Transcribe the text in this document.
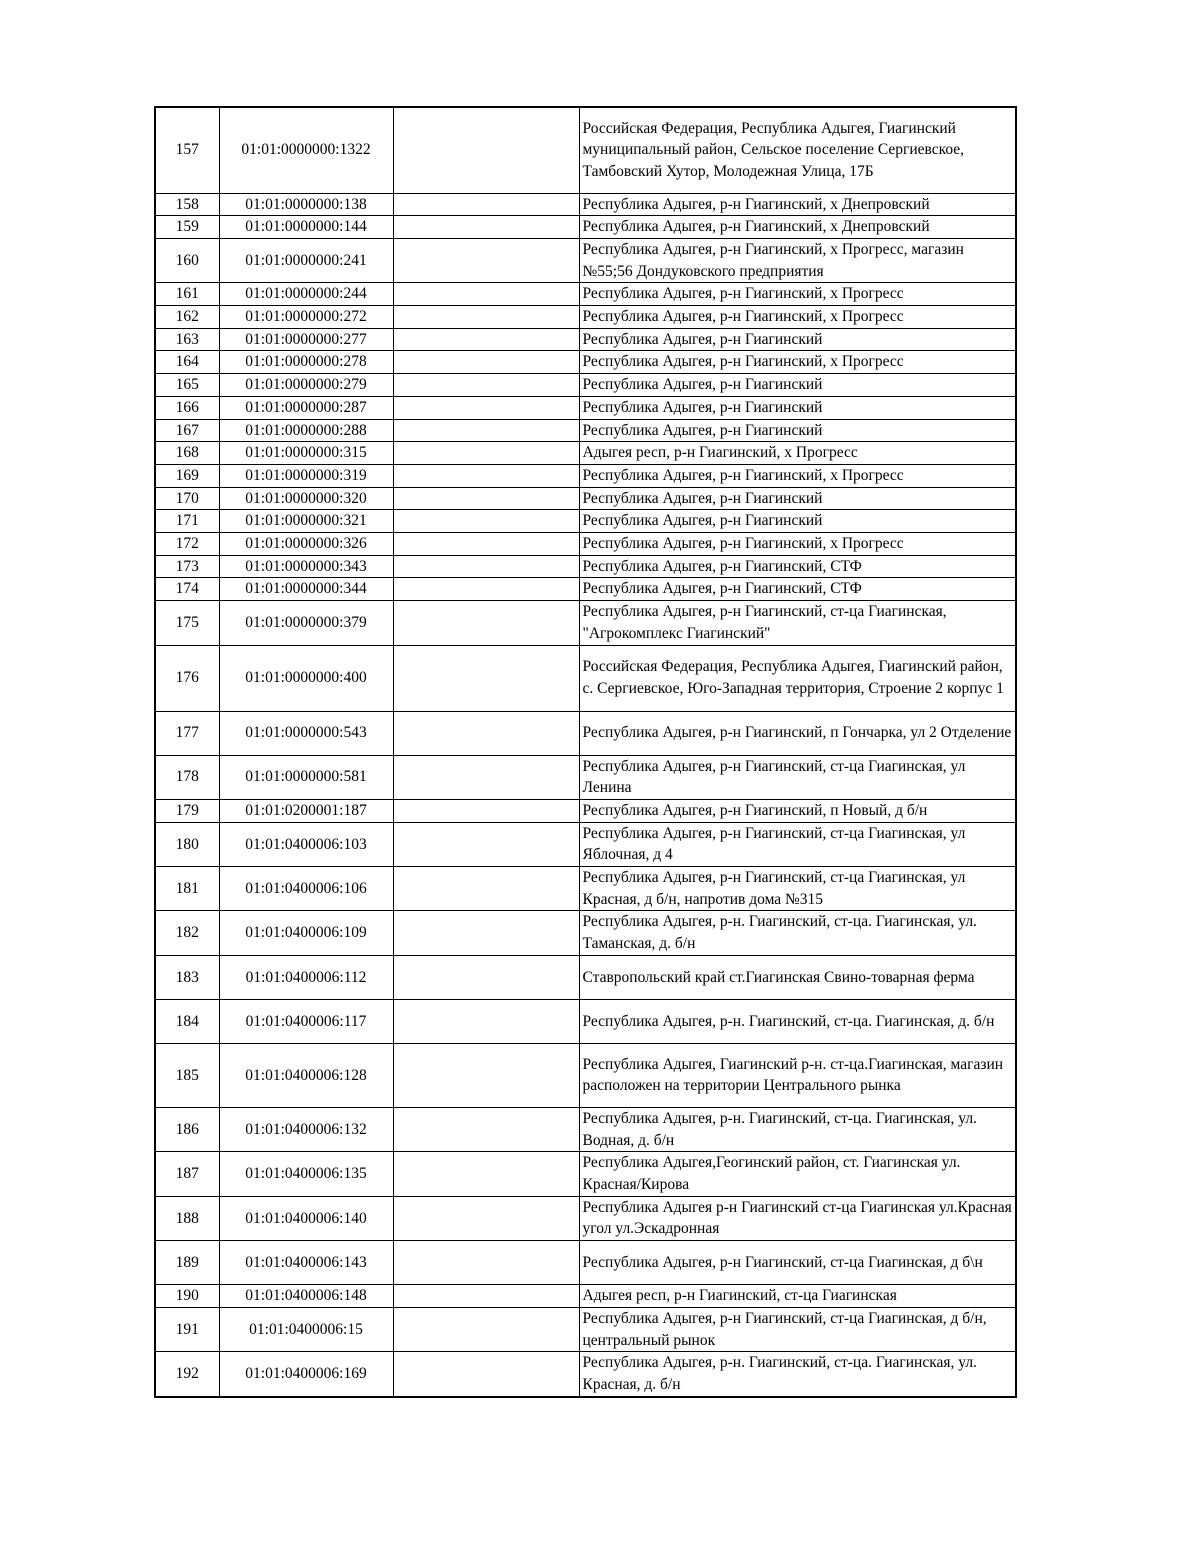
157	01:01:0000000:1322		Российская Федерация, Республика Адыгея, Гиагинский муниципальный район, Сельское поселение Сергиевское, Тамбовский Хутор, Молодежная Улица, 17Б
158	01:01:0000000:138		Республика Адыгея, р-н Гиагинский, х Днепровский
159	01:01:0000000:144		Республика Адыгея, р-н Гиагинский, х Днепровский
160	01:01:0000000:241		Республика Адыгея, р-н Гиагинский, х Прогресс, магазин №55;56 Дондуковского предприятия
161	01:01:0000000:244		Республика Адыгея, р-н Гиагинский, х Прогресс
162	01:01:0000000:272		Республика Адыгея, р-н Гиагинский, х Прогресс
163	01:01:0000000:277		Республика Адыгея, р-н Гиагинский
164	01:01:0000000:278		Республика Адыгея, р-н Гиагинский, х Прогресс
165	01:01:0000000:279		Республика Адыгея, р-н Гиагинский
166	01:01:0000000:287		Республика Адыгея, р-н Гиагинский
167	01:01:0000000:288		Республика Адыгея, р-н Гиагинский
168	01:01:0000000:315		Адыгея респ, р-н Гиагинский, х Прогресс
169	01:01:0000000:319		Республика Адыгея, р-н Гиагинский, х Прогресс
170	01:01:0000000:320		Республика Адыгея, р-н Гиагинский
171	01:01:0000000:321		Республика Адыгея, р-н Гиагинский
172	01:01:0000000:326		Республика Адыгея, р-н Гиагинский, х Прогресс
173	01:01:0000000:343		Республика Адыгея, р-н Гиагинский, СТФ
174	01:01:0000000:344		Республика Адыгея, р-н Гиагинский, СТФ
175	01:01:0000000:379		Республика Адыгея, р-н Гиагинский, ст-ца Гиагинская, "Агрокомплекс Гиагинский"
176	01:01:0000000:400		Российская Федерация, Республика Адыгея, Гиагинский район, с. Сергиевское, Юго-Западная территория, Строение 2 корпус 1
177	01:01:0000000:543		Республика Адыгея, р-н Гиагинский, п Гончарка, ул 2 Отделение
178	01:01:0000000:581		Республика Адыгея, р-н Гиагинский, ст-ца Гиагинская, ул Ленина
179	01:01:0200001:187		Республика Адыгея, р-н Гиагинский, п Новый, д б/н
180	01:01:0400006:103		Республика Адыгея, р-н Гиагинский, ст-ца Гиагинская, ул Яблочная, д 4
181	01:01:0400006:106		Республика Адыгея, р-н Гиагинский, ст-ца Гиагинская, ул Красная, д б/н, напротив дома №315
182	01:01:0400006:109		Республика Адыгея, р-н. Гиагинский, ст-ца. Гиагинская, ул. Таманская, д. б/н
183	01:01:0400006:112		Ставропольский край ст.Гиагинская Свино-товарная ферма
184	01:01:0400006:117		Республика Адыгея, р-н. Гиагинский, ст-ца. Гиагинская, д. б/н
185	01:01:0400006:128		Республика Адыгея, Гиагинский р-н. ст-ца.Гиагинская, магазин расположен на территории Центрального рынка
186	01:01:0400006:132		Республика Адыгея, р-н. Гиагинский, ст-ца. Гиагинская, ул. Водная, д. б/н
187	01:01:0400006:135		Республика Адыгея,Геогинский район, ст. Гиагинская ул. Красная/Кирова
188	01:01:0400006:140		Республика Адыгея р-н Гиагинский ст-ца Гиагинская ул.Красная угол ул.Эскадронная
189	01:01:0400006:143		Республика Адыгея, р-н Гиагинский, ст-ца Гиагинская, д б\н
190	01:01:0400006:148		Адыгея респ, р-н Гиагинский, ст-ца Гиагинская
191	01:01:0400006:15		Республика Адыгея, р-н Гиагинский, ст-ца Гиагинская, д б/н, центральный рынок
192	01:01:0400006:169		Республика Адыгея, р-н. Гиагинский, ст-ца. Гиагинская, ул. Красная, д. б/н
